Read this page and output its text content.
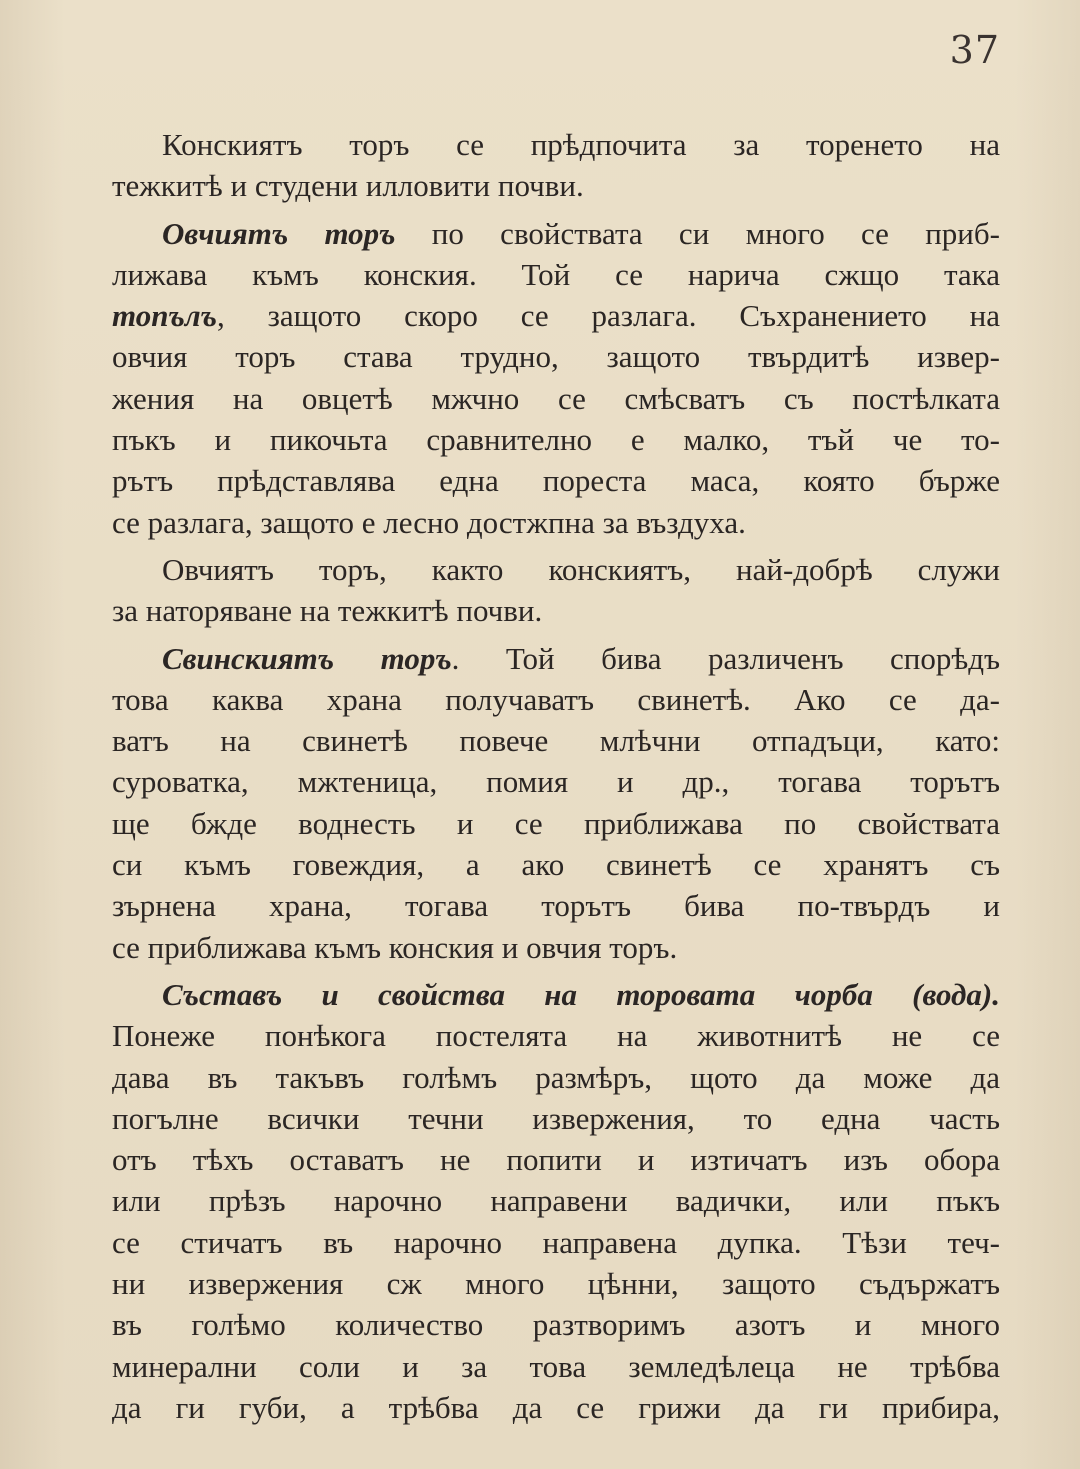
37

Конскиятъ торъ се прѣдпочита за торенето на
тежкитѣ и студени илловити почви.

Овчиятъ торъ по свойствата си много се приб-
лижава къмъ конския. Той се нарича сжщо така
топълъ, защото скоро се разлага. Съхранението на
овчия торъ става трудно, защото твърдитѣ извер-
жения на овцетѣ мжчно се смѣсватъ съ постѣлката
пъкъ и пикочьта сравнително е малко, тъй че то-
рътъ прѣдставлява една пореста маса, която бърже
се разлага, защото е лесно достжпна за въздуха.

Овчиятъ торъ, както конскиятъ, най-добрѣ служи
за наторяване на тежкитѣ почви.

Свинскиятъ торъ. Той бива различенъ спорѣдъ
това каква храна получаватъ свинетѣ. Ако се да-
ватъ на свинетѣ повече млѣчни отпадъци, като:
суроватка, мжтеница, помия и др., тогава торътъ
ще бжде воднесть и се приближава по свойствата
си къмъ говеждия, а ако свинетѣ се хранятъ съ
зърнена храна, тогава торътъ бива по-твърдъ и
се приближава къмъ конския и овчия торъ.

Съставъ и свойства на торовата чорба (вода).
Понеже понѣкога постелята на животнитѣ не се
дава въ такъвъ голѣмъ размѣръ, щото да може да
погълне всички течни извержения, то една часть
отъ тѣхъ оставатъ не попити и изтичатъ изъ обора
или прѣзъ нарочно направени вадички, или пъкъ
се стичатъ въ нарочно направена дупка. Тѣзи теч-
ни извержения сж много цѣнни, защото съдържатъ
въ голѣмо количество разтворимъ азотъ и много
минерални соли и за това земледѣлеца не трѣбва
да ги губи, а трѣбва да се грижи да ги прибира,
